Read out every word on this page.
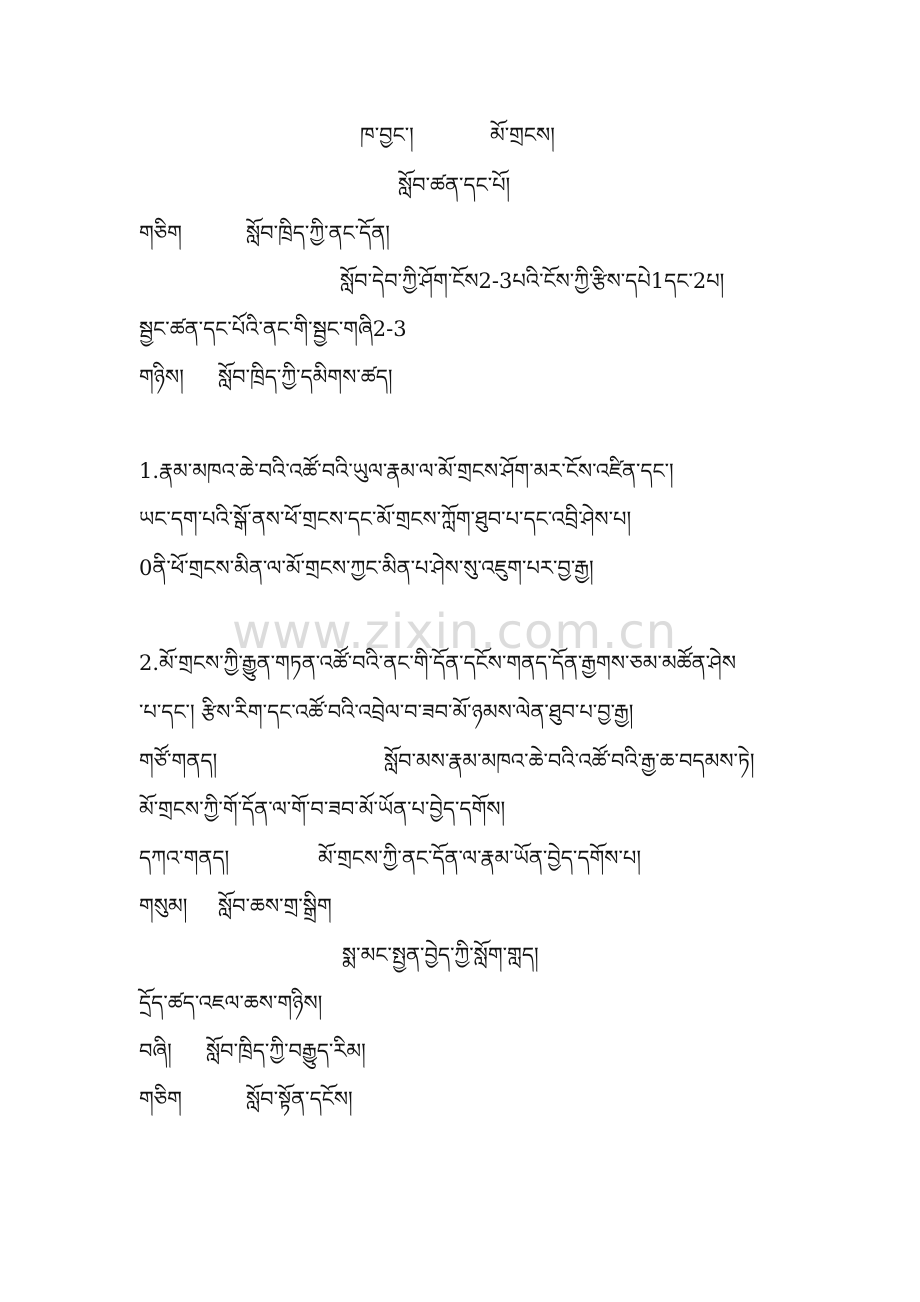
ཁ་བྱང་།	མོ་གྲངས།
སློབ་ཚན་དང་པོ།
གཅིག	སློབ་ཁྲིད་ཀྱི་ནང་དོན།
སློབ་དེབ་ཀྱི་ཤོག་ངོས2-3པའི་ངོས་ཀྱི་རྩིས་དཔེ1དང་2པ།
སྦྱང་ཚན་དང་པོའི་ནང་གི་སྦྱང་གཞི2-3
གཉིས། སློབ་ཁྲིད་ཀྱི་དམིགས་ཚད།
1.རྣམ་མཁའ་ཆེ་བའི་འཚོ་བའི་ཡུལ་རྣམ་ལ་མོ་གྲངས་ཤོག་མར་ངོས་འཛིན་དང་།
ཡང་དག་པའི་སྒོ་ནས་ཕོ་གྲངས་དང་མོ་གྲངས་ཀློག་ཐུབ་པ་དང་འབྲི་ཤེས་པ།
0ནི་ཕོ་གྲངས་མིན་ལ་མོ་གྲངས་ཀྱང་མིན་པ་ཤེས་སུ་འཇུག་པར་བྱ་རྒྱ།
www.zixin.com.cn
2.མོ་གྲངས་ཀྱི་རྒྱུན་གཏན་འཚོ་བའི་ནང་གི་དོན་དངོས་གནད་དོན་རྒྱགས་ཅམ་མཚོན་ཤེས
་པ་དང་། རྩིས་རིག་དང་འཚོ་བའི་འབྲེལ་བ་ཟབ་མོ་ཉམས་ལེན་ཐུབ་པ་བྱ་རྒྱ།
གཙོ་གནད།	སློབ་མས་རྣམ་མཁའ་ཆེ་བའི་འཚོ་བའི་རྒྱ་ཆ་བདམས་ཏེ།
མོ་གྲངས་ཀྱི་གོ་དོན་ལ་གོ་བ་ཟབ་མོ་ཡོན་པ་བྱེད་དགོས།
དཀའ་གནད།	མོ་གྲངས་ཀྱི་ནང་དོན་ལ་རྣམ་ཡོན་བྱེད་དགོས་པ།
གསུམ། སློབ་ཆས་གྲ་སྒྲིག
སྨ་མང་སྤྱན་བྱེད་ཀྱི་སློག་གླད།
དྲོད་ཚད་འཇལ་ཆས་གཉིས།
བཞི། སློབ་ཁྲིད་ཀྱི་བརྒྱུད་རིམ།
གཅིག	སློབ་སྟོན་དངོས།
